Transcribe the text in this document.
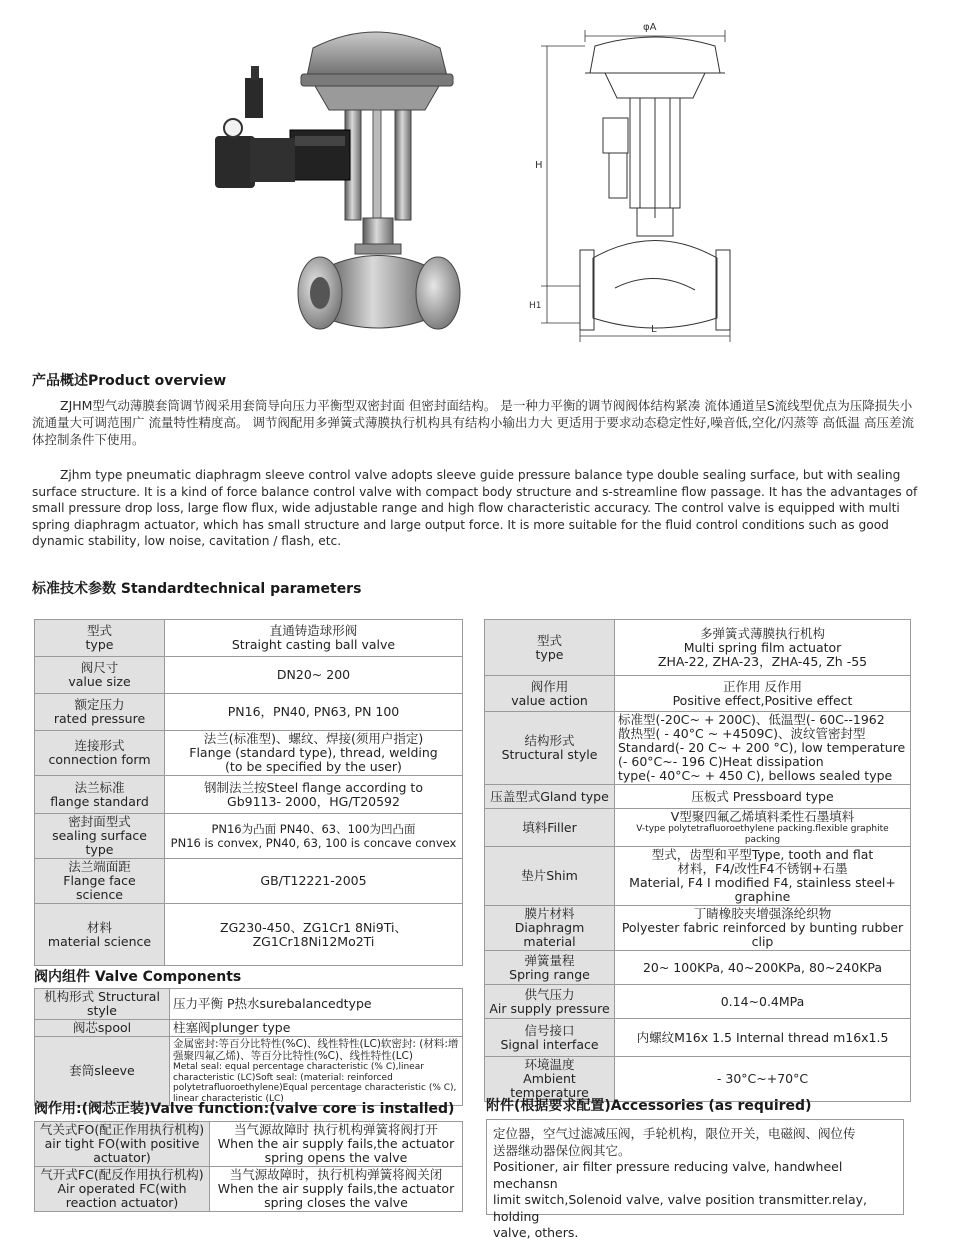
φA
H
H1
L
产品概述Product overview

ZJHM型气动薄膜套筒调节阀采用套筒导向压力平衡型双密封面 但密封面结构。 是一种力平衡的调节阀阀体结构紧凑 流体通道呈S流线型优点为压降损失小流通量大可调范围广 流量特性精度高。 调节阀配用多弹簧式薄膜执行机构具有结构小输出力大 更适用于要求动态稳定性好,噪音低,空化/闪蒸等 高低温 高压差流体控制条件下使用。

Zjhm type pneumatic diaphragm sleeve control valve adopts sleeve guide pressure balance type double sealing surface, but with sealing surface structure. It is a kind of force balance control valve with compact body structure and s-streamline flow passage. It has the advantages of small pressure drop loss, large flow flux, wide adjustable range and high flow characteristic accuracy. The control valve is equipped with multi spring diaphragm actuator, which has small structure and large output force. It is more suitable for the fluid control conditions such as good dynamic stability, low noise, cavitation / flash, etc.

标准技术参数 Standardtechnical parameters
型式
type	直通铸造球形阀
Straight casting ball valve

阀尺寸
value size	DN20~ 200

额定压力
rated pressure	PN16，PN40, PN63, PN 100

连接形式
connection form	法兰(标准型)、螺纹、焊接(须用户指定)
Flange (standard type), thread, welding
(to be specified by the user)

法兰标准
flange standard	钢制法兰按Steel flange according to
Gb9113- 2000，HG/T20592

密封面型式
sealing surface type	PN16为凸面 PN40、63、100为凹凸面
PN16 is convex, PN40, 63, 100 is concave convex

法兰端面距
Flange face science	GB/T12221-2005

材料
material science	ZG230-450、ZG1Cr1 8Ni9Ti、
ZG1Cr18Ni12Mo2Ti
阀内组件 Valve Components
机构形式 Structural style	压力平衡 P热水surebalancedtype
阀芯spool	柱塞阀plunger type
套筒sleeve	金属密封:等百分比特性(%C)、线性特性(LC)软密封: (材料:增强聚四氟乙烯)、等百分比特性(%C)、线性特性(LC)
Metal seal: equal percentage characteristic (% C),linear
characteristic (LC)Soft seal: (material: reinforced
polytetrafluoroethylene)Equal percentage characteristic (% C),
linear characteristic (LC)
阀作用:(阀芯正装)Valve function:(valve core is installed)
气关式FO(配正作用执行机构)
air tight FO(with positive actuator)	当气源故障时 执行机构弹簧将阀打开
When the air supply fails,the actuator
spring opens the valve

气开式FC(配反作用执行机构)
Air operated FC(with reaction actuator)	当气源故障时，执行机构弹簧将阀关闭
When the air supply fails,the actuator
spring closes the valve
型式
type	多弹簧式薄膜执行机构
Multi spring film actuator
ZHA-22, ZHA-23，ZHA-45, Zh -55

阀作用
value action	正作用 反作用
Positive effect,Positive effect

结构形式
Structural style	标准型(-20C~ + 200C)、低温型(- 60C--1962
散热型( - 40°C ~ +4509C)、波纹管密封型
Standard(- 20 C~ + 200 °C), low temperature
(- 60°C~- 196 C)Heat dissipation
type(- 40°C~ + 450 C), bellows sealed type

压盖型式Gland type	压板式 Pressboard type
填料Filler	V型聚四氟乙烯填料柔性石墨填料
V-type polytetrafluoroethylene packing.flexible graphite packing

垫片Shim	型式，齿型和平型Type, tooth and flat
材料，F4/改性F4不锈钢+石墨
Material, F4 I modified F4, stainless steel+ graphine

膜片材料
Diaphragm material	丁睛橡胶夹增强涤纶织物
Polyester fabric reinforced by bunting rubber clip

弹簧量程
Spring range	20~ 100KPa, 40~200KPa, 80~240KPa

供气压力
Air supply pressure	0.14~0.4MPa

信号接口
Signal interface	内螺纹M16x 1.5 Internal thread m16x1.5

环境温度
Ambient temperature	- 30°C~+70°C
附件(根据要求配置)Accessories (as required)
定位器，空气过滤减压阀，手轮机构，限位开关，电磁阀、阀位传
送器继动器保位阀其它。
Positioner, air filter pressure reducing valve, handwheel mechansn
limit switch,Solenoid valve, valve position transmitter.relay, holding
valve, others.
